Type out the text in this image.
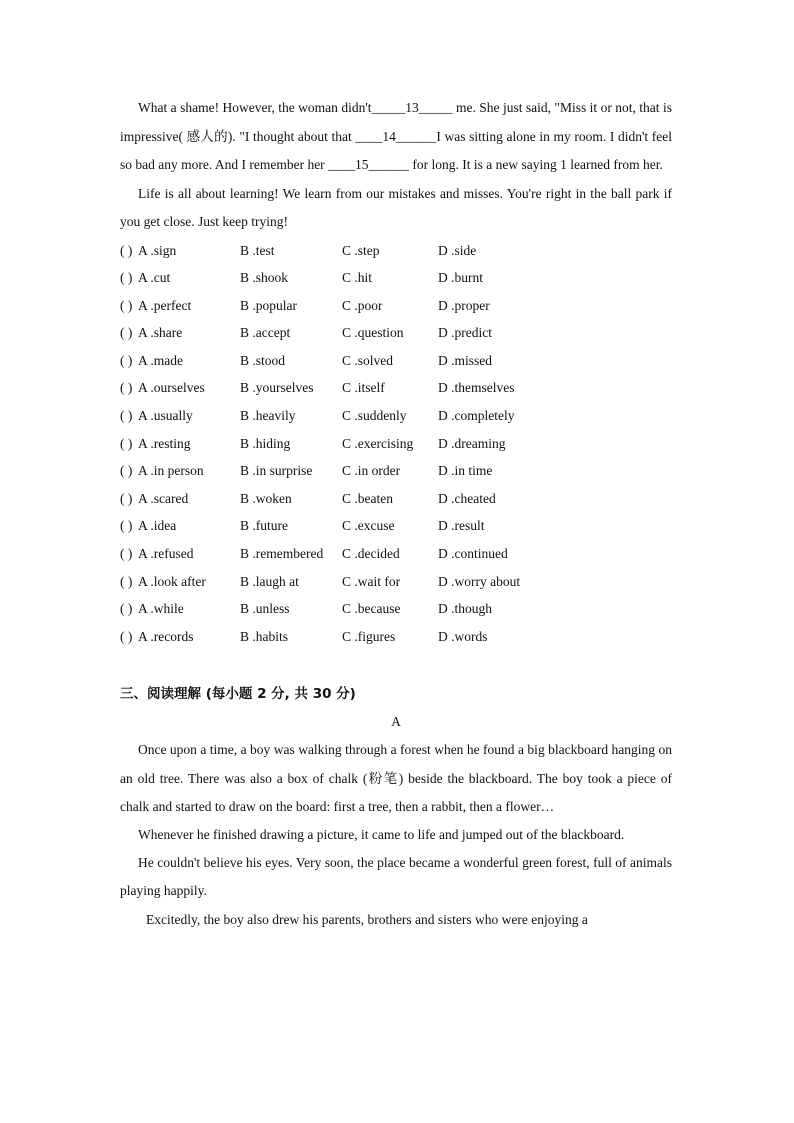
What a shame! However, the woman didn't_____13_____ me. She just said, "Miss it or not, that is impressive( 感人的). "I thought about that ____14______I was sitting alone in my room. I didn't feel so bad any more. And I remember her ____15______ for long. It is a new saying 1 learned from her.

Life is all about learning! We learn from our mistakes and misses. You're right in the ball park if you get close. Just keep trying!

( ) A .sign	B .test	C .step	D .side
( ) A .cut	B .shook	C .hit	D .burnt
( ) A .perfect	B .popular	C .poor	D .proper
( ) A .share	B .accept	C .question	D .predict
( ) A .made	B .stood	C .solved	D .missed
( ) A .ourselves	B .yourselves C .itself	D .themselves
( ) A .usually	B .heavily	C .suddenly D .completely
( ) A .resting	B .hiding	C .exercising D .dreaming
( ) A .in person	B .in surprise C .in order	D .in time
( ) A .scared	B .woken	C .beaten	D .cheated
( ) A .idea	B .future	C .excuse	D .result
( ) A .refused	B .remembered C .decided	D .continued
( ) A .look after	B .laugh at	C .wait for	D .worry about
( ) A .while	B .unless	C .because	D .though
( ) A .records	B .habits	C .figures	D .words
三、阅读理解 (每小题 2 分, 共 30 分)
A

Once upon a time, a boy was walking through a forest when he found a big blackboard hanging on an old tree. There was also a box of chalk (粉笔) beside the blackboard. The boy took a piece of chalk and started to draw on the board: first a tree, then a rabbit, then a flower…

Whenever he finished drawing a picture, it came to life and jumped out of the blackboard.

He couldn't believe his eyes. Very soon, the place became a wonderful green forest, full of animals playing happily.

Excitedly, the boy also drew his parents, brothers and sisters who were enjoying a
